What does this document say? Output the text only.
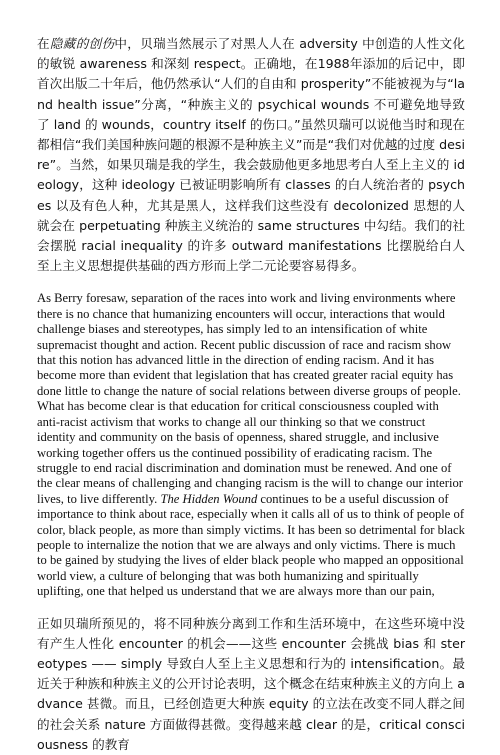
在隐藏的创伤中，贝瑞当然展示了对黑人人在 adversity 中创造的人性文化的敏锐 awareness 和深刻 respect。正确地，在1988年添加的后记中，即首次出版二十年后，他仍然承认“人们的自由和 prosperity”不能被视为与“land health issue”分离，“种族主义的 psychical wounds 不可避免地导致了 land 的 wounds，country itself 的伤口。”虽然贝瑞可以说他当时和现在都相信“我们美国种族问题的根源不是种族主义”而是“我们对优越的过度 desire”。当然，如果贝瑞是我的学生，我会鼓励他更多地思考白人至上主义的 ideology，这种 ideology 已被证明影响所有 classes 的白人统治者的 psyches 以及有色人种，尤其是黑人，这样我们这些没有 decolonized 思想的人就会在 perpetuating 种族主义统治的 same structures 中勾结。我们的社会摆脱 racial inequality 的许多 outward manifestations 比摆脱给白人至上主义思想提供基础的西方形而上学二元论要容易得多。

As Berry foresaw, separation of the races into work and living environments where there is no chance that humanizing encounters will occur, interactions that would challenge biases and stereotypes, has simply led to an intensification of white supremacist thought and action. Recent public discussion of race and racism show that this notion has advanced little in the direction of ending racism. And it has become more than evident that legislation that has created greater racial equity has done little to change the nature of social relations between diverse groups of people. What has become clear is that education for critical consciousness coupled with anti-racist activism that works to change all our thinking so that we construct identity and community on the basis of openness, shared struggle, and inclusive working together offers us the continued possibility of eradicating racism. The struggle to end racial discrimination and domination must be renewed. And one of the clear means of challenging and changing racism is the will to change our interior lives, to live differently. The Hidden Wound continues to be a useful discussion of importance to think about race, especially when it calls all of us to think of people of color, black people, as more than simply victims. It has been so detrimental for black people to internalize the notion that we are always and only victims. There is much to be gained by studying the lives of elder black people who mapped an oppositional world view, a culture of belonging that was both humanizing and spiritually uplifting, one that helped us understand that we are always more than our pain,

正如贝瑞所预见的，将不同种族分离到工作和生活环境中，在这些环境中没有产生人性化 encounter 的机会——这些 encounter 会挑战 bias 和 stereotypes —— simply 导致白人至上主义思想和行为的 intensification。最近关于种族和种族主义的公开讨论表明，这个概念在结束种族主义的方向上 advance 甚微。而且，已经创造更大种族 equity 的立法在改变不同人群之间的社会关系 nature 方面做得甚微。变得越来越 clear 的是，critical consciousness 的教育
